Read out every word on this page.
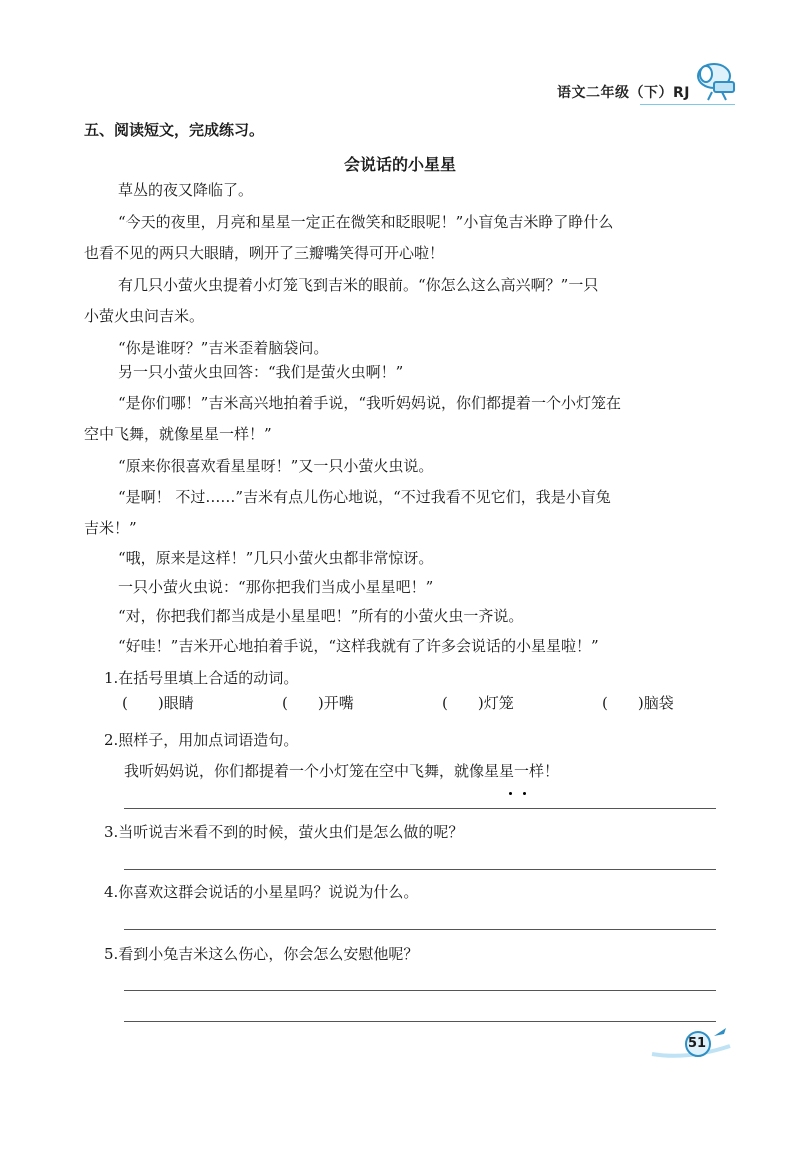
语文二年级（下）RJ
五、阅读短文，完成练习。
会说话的小星星
草丛的夜又降临了。
“今天的夜里，月亮和星星一定正在微笑和眨眼呢！”小盲兔吉米睁了睁什么
也看不见的两只大眼睛，咧开了三瓣嘴笑得可开心啦！
有几只小萤火虫提着小灯笼飞到吉米的眼前。“你怎么这么高兴啊？”一只
小萤火虫问吉米。
“你是谁呀？”吉米歪着脑袋问。
另一只小萤火虫回答：“我们是萤火虫啊！”
“是你们哪！”吉米高兴地拍着手说，“我听妈妈说，你们都提着一个小灯笼在
空中飞舞，就像星星一样！”
“原来你很喜欢看星星呀！”又一只小萤火虫说。
“是啊！ 不过……”吉米有点儿伤心地说，“不过我看不见它们，我是小盲兔
吉米！”
“哦，原来是这样！”几只小萤火虫都非常惊讶。
一只小萤火虫说：“那你把我们当成小星星吧！”
“对，你把我们都当成是小星星吧！”所有的小萤火虫一齐说。
“好哇！”吉米开心地拍着手说，“这样我就有了许多会说话的小星星啦！”
1.在括号里填上合适的动词。
(　　)眼睛	(　　)开嘴	(　　)灯笼	(　　)脑袋
2.照样子，用加点词语造句。
我听妈妈说，你们都提着一个小灯笼在空中飞舞，就像星星一样！
3.当听说吉米看不到的时候，萤火虫们是怎么做的呢？
4.你喜欢这群会说话的小星星吗？说说为什么。
5.看到小兔吉米这么伤心，你会怎么安慰他呢？
51
